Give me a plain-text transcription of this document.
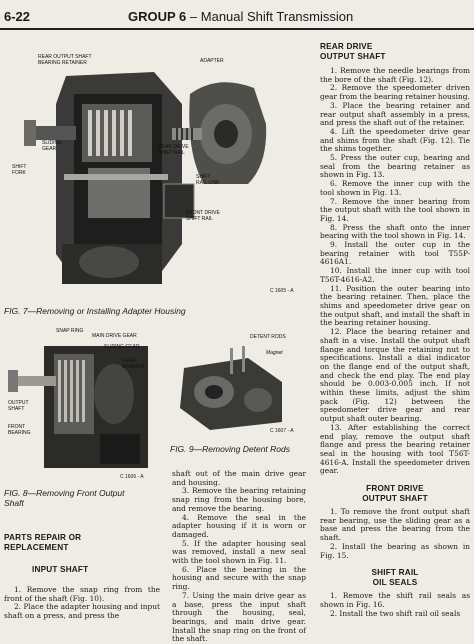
6-22	GROUP 6 – Manual Shift Transmission
REAR OUTPUT SHAFT
BEARING RETAINER	ADAPTER
SLIDING
GEAR	REAR DRIVE
SHIFT RAIL
SHIFT
FORK
SHIFT
RAIL LINK
FRONT DRIVE
SHIFT RAIL
C 1605 - A
FIG. 7—Removing or Installing Adapter Housing
SNAP RING
MAIN DRIVE GEAR
SLIDING GEAR
REAR
BEARING
OUTPUT
SHAFT
FRONT
BEARING
C 1606 - A
FIG. 8—Removing Front Output
Shaft
DETENT RODS
Magnet
C 1607 - A
FIG. 9—Removing Detent Rods
PARTS REPAIR OR
REPLACEMENT
INPUT SHAFT

1. Remove the snap ring from the front of the shaft (Fig. 10).

2. Place the adapter housing and input shaft on a press, and press the

shaft out of the main drive gear and housing.

3. Remove the bearing retaining snap ring from the housing bore, and remove the bearing.

4. Remove the seal in the adapter housing if it is worn or damaged.

5. If the adapter housing seal was removed, install a new seal with the tool shown in Fig. 11.

6. Place the bearing in the housing and secure with the snap ring.

7. Using the main drive gear as a base, press the input shaft through the housing, seal, bearings, and main drive gear. Install the snap ring on the front of the shaft.

REAR DRIVE
OUTPUT SHAFT

1. Remove the needle bearings from the bore of the shaft (Fig. 12).

2. Remove the speedometer driven gear from the bearing retainer housing.

3. Place the bearing retainer and rear output shaft assembly in a press, and press the shaft out of the retainer.

4. Lift the speedometer drive gear and shims from the shaft (Fig. 12). Tie the shims together.

5. Press the outer cup, bearing and seal from the bearing retainer as shown in Fig. 13.

6. Remove the inner cup with the tool shown in Fig. 13.

7. Remove the inner bearing from the output shaft with the tool shown in Fig. 14.

8. Press the shaft onto the inner bearing with the tool shown in Fig. 14.

9. Install the outer cup in the bearing retainer with tool T55P-4616A1.

10. Install the inner cup with tool T56T-4616-A2.

11. Position the outer bearing into the bearing retainer. Then, place the shims and speedometer drive gear on the output shaft, and install the shaft in the bearing retainer housing.

12. Place the bearing retainer and shaft in a vise. Install the output shaft flange and torque the retaining nut to specifications. Install a dial indicator on the flange end of the output shaft, and check the end play. The end play should be 0.003-0.005 inch. If not within these limits, adjust the shim pack (Fig. 12) between the speedometer drive gear and rear output shaft outer bearing.

13. After establishing the correct end play, remove the output shaft flange and press the bearing retainer seal in the housing with tool T56T-4616-A. Install the speedometer driven gear.

FRONT DRIVE
OUTPUT SHAFT

1. To remove the front output shaft rear bearing, use the sliding gear as a base and press the bearing from the shaft.

2. Install the bearing as shown in Fig. 15.

SHIFT RAIL
OIL SEALS

1. Remove the shift rail seals as shown in Fig. 16.

2. Install the two shift rail oil seals
